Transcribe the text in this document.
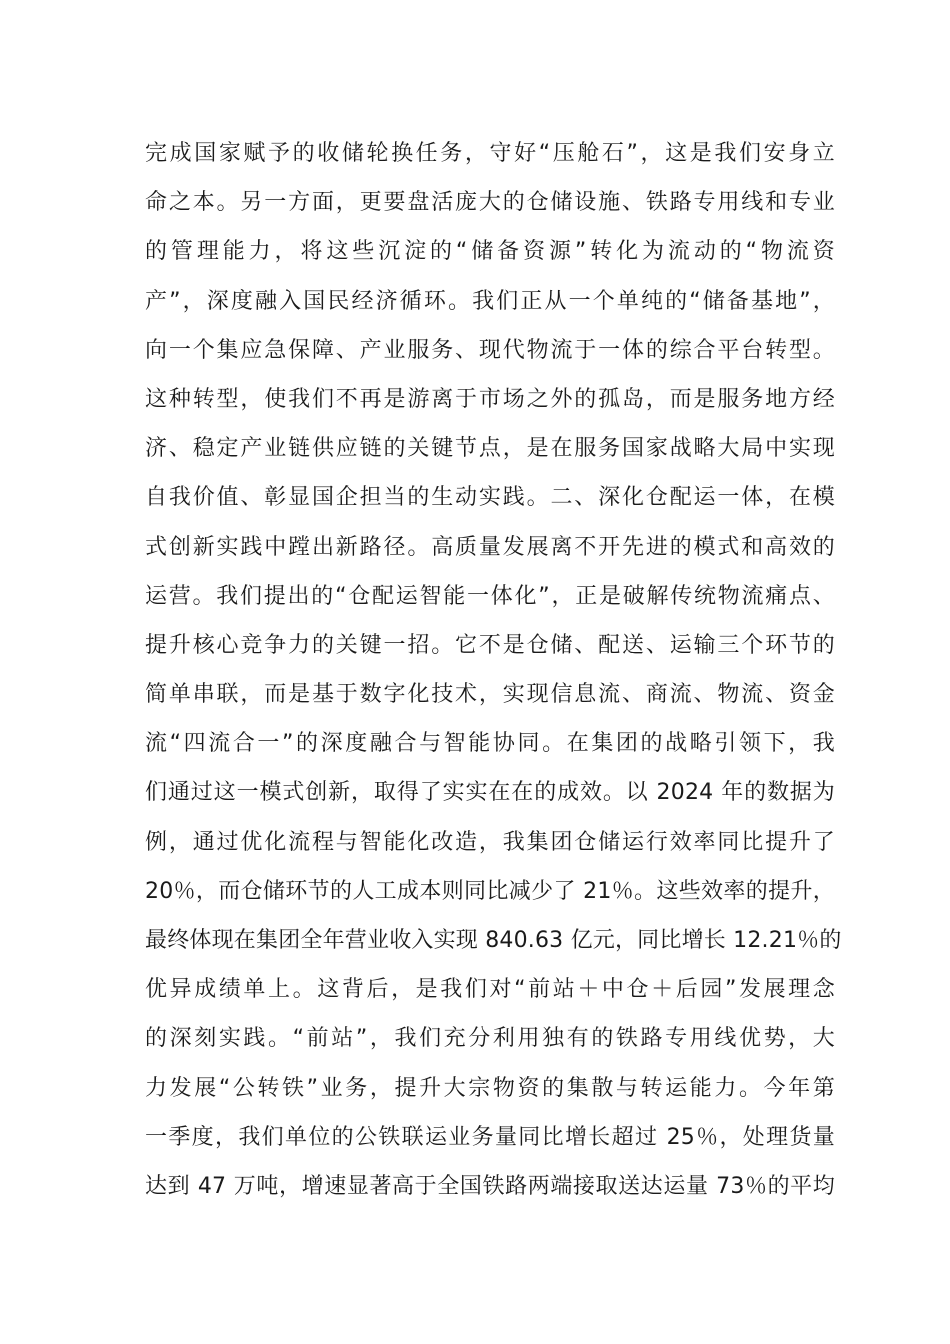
完成国家赋予的收储轮换任务，守好“压舱石”，这是我们安身立
命之本。另一方面，更要盘活庞大的仓储设施、铁路专用线和专业
的管理能力，将这些沉淀的“储备资源”转化为流动的“物流资
产”，深度融入国民经济循环。我们正从一个单纯的“储备基地”，
向一个集应急保障、产业服务、现代物流于一体的综合平台转型。
这种转型，使我们不再是游离于市场之外的孤岛，而是服务地方经
济、稳定产业链供应链的关键节点，是在服务国家战略大局中实现
自我价值、彰显国企担当的生动实践。二、深化仓配运一体，在模
式创新实践中蹚出新路径。高质量发展离不开先进的模式和高效的
运营。我们提出的“仓配运智能一体化”，正是破解传统物流痛点、
提升核心竞争力的关键一招。它不是仓储、配送、运输三个环节的
简单串联，而是基于数字化技术，实现信息流、商流、物流、资金
流“四流合一”的深度融合与智能协同。在集团的战略引领下，我
们通过这一模式创新，取得了实实在在的成效。以 2024 年的数据为
例，通过优化流程与智能化改造，我集团仓储运行效率同比提升了
20％，而仓储环节的人工成本则同比减少了 21％。这些效率的提升，
最终体现在集团全年营业收入实现 840.63 亿元，同比增长 12.21％的
优异成绩单上。这背后，是我们对“前站＋中仓＋后园”发展理念
的深刻实践。“前站”，我们充分利用独有的铁路专用线优势，大
力发展“公转铁”业务，提升大宗物资的集散与转运能力。今年第
一季度，我们单位的公铁联运业务量同比增长超过 25％，处理货量
达到 47 万吨，增速显著高于全国铁路两端接取送达运量 73％的平均
